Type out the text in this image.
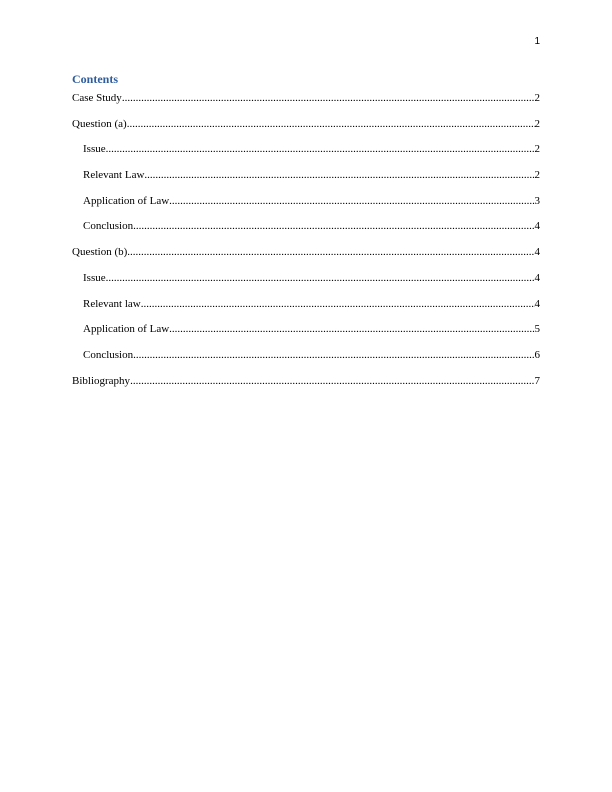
1
Contents
Case Study .....	2
Question (a) .....	2
Issue .....	2
Relevant Law .....	2
Application of Law .....	3
Conclusion .....	4
Question (b) .....	4
Issue .....	4
Relevant law .....	4
Application of Law .....	5
Conclusion .....	6
Bibliography .....	7
